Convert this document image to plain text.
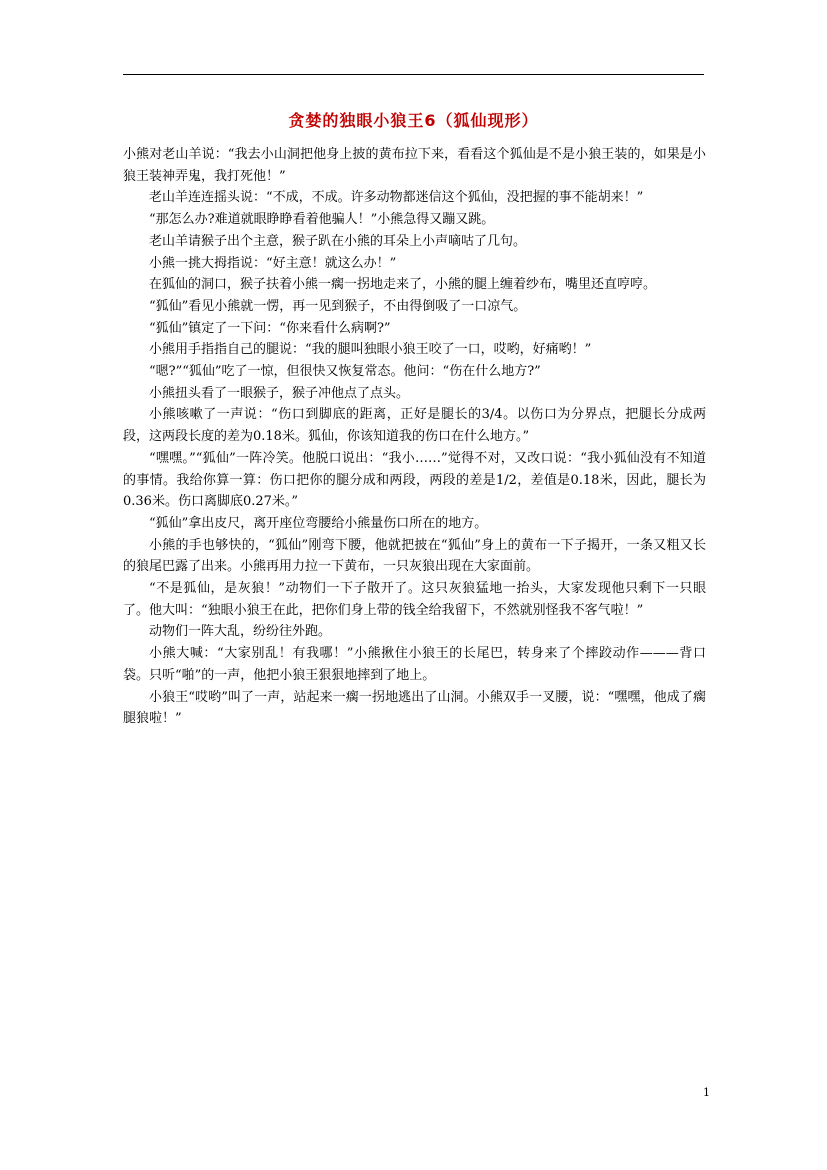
贪婪的独眼小狼王6（狐仙现形）

小熊对老山羊说：“我去小山洞把他身上披的黄布拉下来，看看这个狐仙是不是小狼王装的，如果是小狼王装神弄鬼，我打死他！”

老山羊连连摇头说：“不成，不成。许多动物都迷信这个狐仙，没把握的事不能胡来！”

“那怎么办?难道就眼睁睁看着他骗人！”小熊急得又蹦又跳。

老山羊请猴子出个主意，猴子趴在小熊的耳朵上小声嘀咕了几句。

小熊一挑大拇指说：“好主意！就这么办！”

在狐仙的洞口，猴子扶着小熊一瘸一拐地走来了，小熊的腿上缠着纱布，嘴里还直哼哼。

“狐仙”看见小熊就一愣，再一见到猴子，不由得倒吸了一口凉气。

“狐仙”镇定了一下问：“你来看什么病啊?”

小熊用手指指自己的腿说：“我的腿叫独眼小狼王咬了一口，哎哟，好痛哟！”

“嗯?”“狐仙”吃了一惊，但很快又恢复常态。他问：“伤在什么地方?”

小熊扭头看了一眼猴子，猴子冲他点了点头。

小熊咳嗽了一声说：“伤口到脚底的距离，正好是腿长的3/4。以伤口为分界点，把腿长分成两段，这两段长度的差为0.18米。狐仙，你该知道我的伤口在什么地方。”

“嘿嘿。”“狐仙”一阵冷笑。他脱口说出：“我小……”觉得不对，又改口说：“我小狐仙没有不知道的事情。我给你算一算：伤口把你的腿分成和两段，两段的差是1/2，差值是0.18米，因此，腿长为0.36米。伤口离脚底0.27米。”

“狐仙”拿出皮尺，离开座位弯腰给小熊量伤口所在的地方。

小熊的手也够快的，“狐仙”刚弯下腰，他就把披在“狐仙”身上的黄布一下子揭开，一条又粗又长的狼尾巴露了出来。小熊再用力拉一下黄布，一只灰狼出现在大家面前。

“不是狐仙，是灰狼！”动物们一下子散开了。这只灰狼猛地一抬头，大家发现他只剩下一只眼了。他大叫：“独眼小狼王在此，把你们身上带的钱全给我留下，不然就别怪我不客气啦！”

动物们一阵大乱，纷纷往外跑。

小熊大喊：“大家别乱！有我哪！”小熊揪住小狼王的长尾巴，转身来了个摔跤动作———背口袋。只听“啪”的一声，他把小狼王狠狠地摔到了地上。

小狼王“哎哟”叫了一声，站起来一瘸一拐地逃出了山洞。小熊双手一叉腰，说：“嘿嘿，他成了瘸腿狼啦！”

1
